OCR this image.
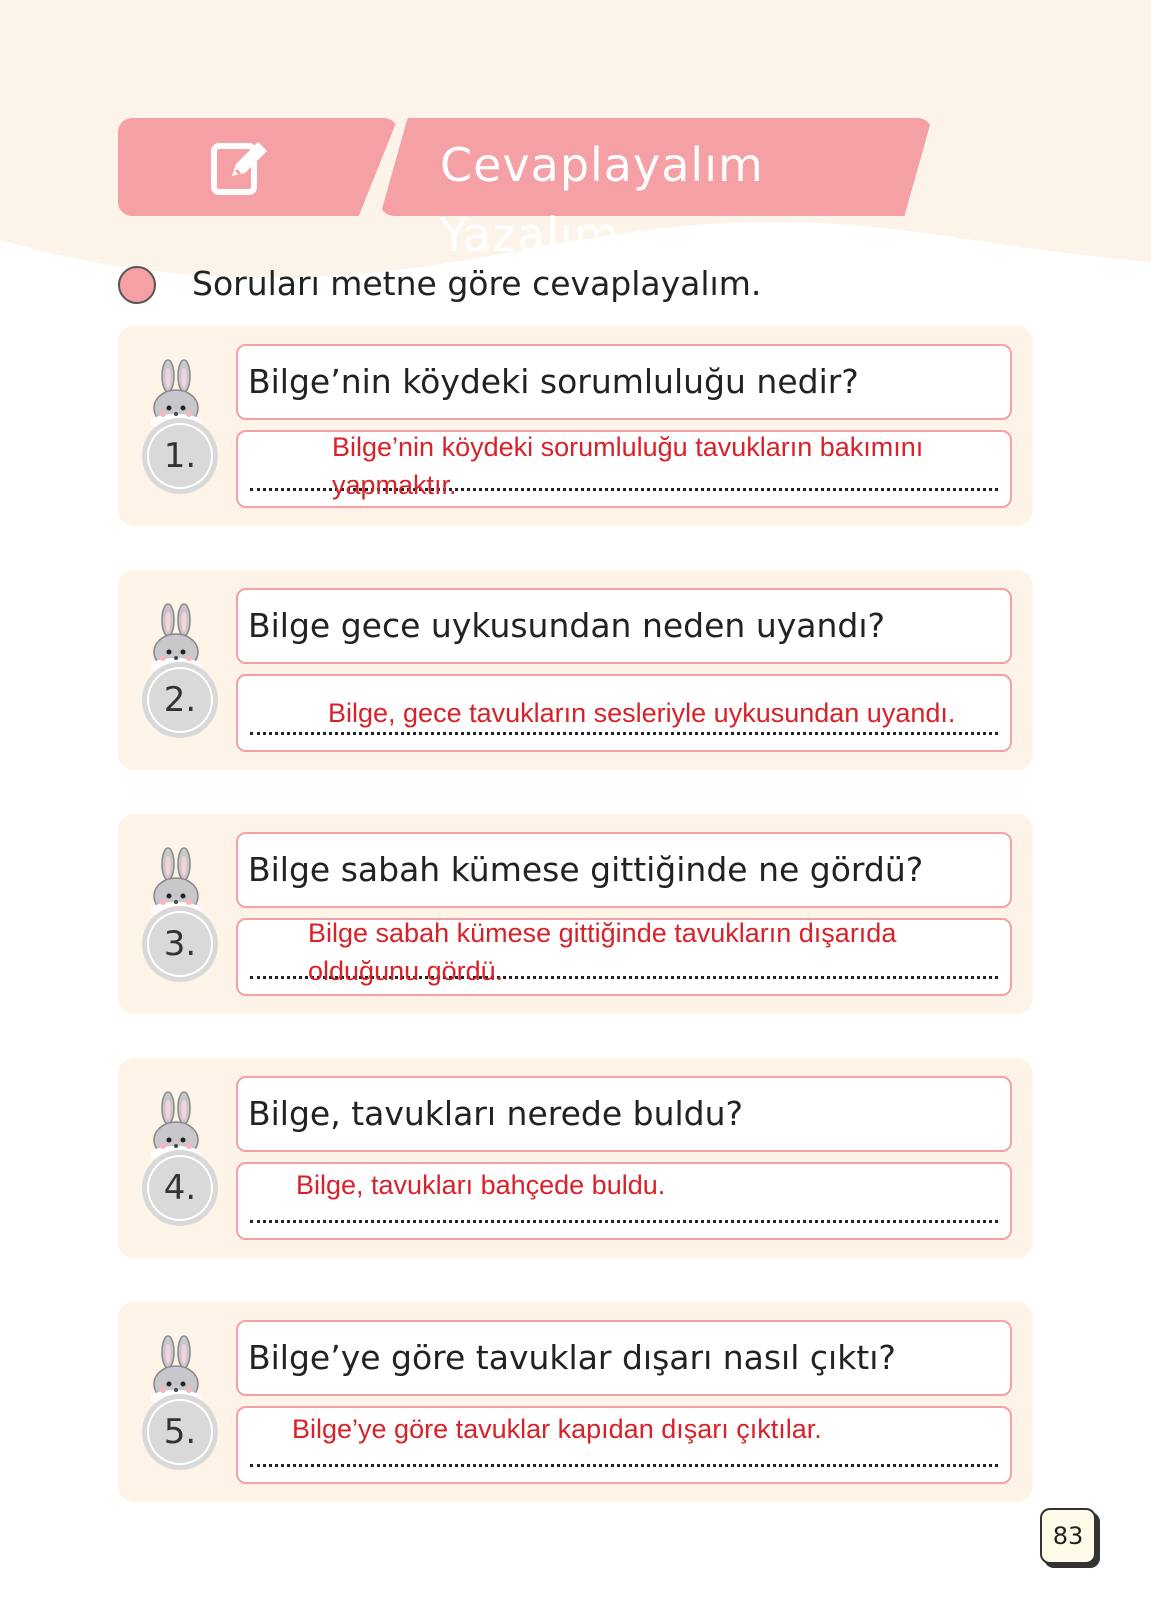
Cevaplayalım Yazalım
Soruları metne göre cevaplayalım.
1.
Bilge’nin köydeki sorumluluğu nedir?
Bilge’nin köydeki sorumluluğu tavukların bakımını
yapmaktır.
2.
Bilge gece uykusundan neden uyandı?
Bilge, gece tavukların sesleriyle uykusundan uyandı.
3.
Bilge sabah kümese gittiğinde ne gördü?
Bilge sabah kümese gittiğinde tavukların dışarıda
olduğunu gördü.
4.
Bilge, tavukları nerede buldu?
Bilge, tavukları bahçede buldu.
5.
Bilge’ye göre tavuklar dışarı nasıl çıktı?
Bilge’ye göre tavuklar kapıdan dışarı çıktılar.
83
